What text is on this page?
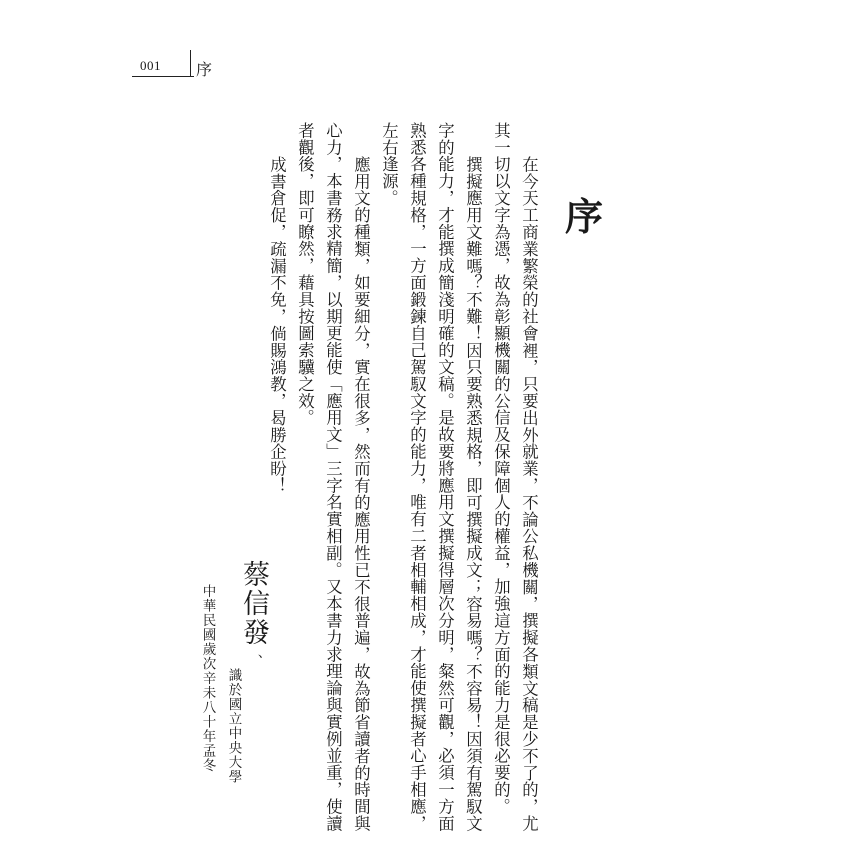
001 序
序
在今天工商業繁榮的社會裡，只要出外就業，不論公私機關，撰擬各類文稿是少不了的，尤
其一切以文字為憑，故為彰顯機關的公信及保障個人的權益，加強這方面的能力是很必要的。
撰擬應用文難嗎？不難！因只要熟悉規格，即可撰擬成文；容易嗎？不容易！因須有駕馭文
字的能力，才能撰成簡淺明確的文稿。是故要將應用文撰擬得層次分明，粲然可觀，必須一方面
熟悉各種規格，一方面鍛鍊自己駕馭文字的能力，唯有二者相輔相成，才能使撰擬者心手相應，
左右逢源。
應用文的種類，如要細分，實在很多，然而有的應用性已不很普遍，故為節省讀者的時間與
心力，本書務求精簡，以期更能使「應用文」三字名實相副。又本書力求理論與實例並重，使讀
者觀後，即可瞭然，藉具按圖索驥之效。
成書倉促，疏漏不免，倘賜鴻教，曷勝企盼！
蔡信發
、
識於國立中央大學
中華民國歲次辛未八十年孟冬
